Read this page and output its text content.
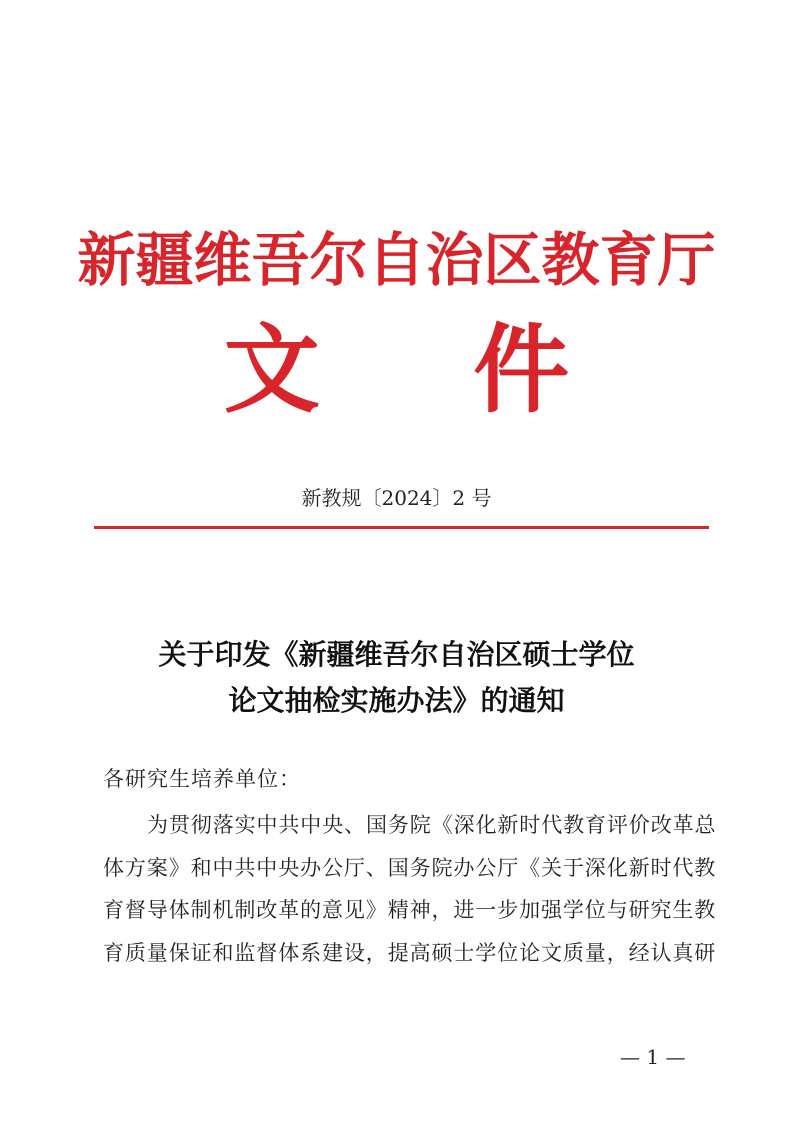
新疆维吾尔自治区教育厅
文 件
新教规〔2024〕2 号
关于印发《新疆维吾尔自治区硕士学位
论文抽检实施办法》的通知
各研究生培养单位：
为贯彻落实中共中央、国务院《深化新时代教育评价改革总
体方案》和中共中央办公厅、国务院办公厅《关于深化新时代教
育督导体制机制改革的意见》精神，进一步加强学位与研究生教
育质量保证和监督体系建设，提高硕士学位论文质量，经认真研
— 1 —
